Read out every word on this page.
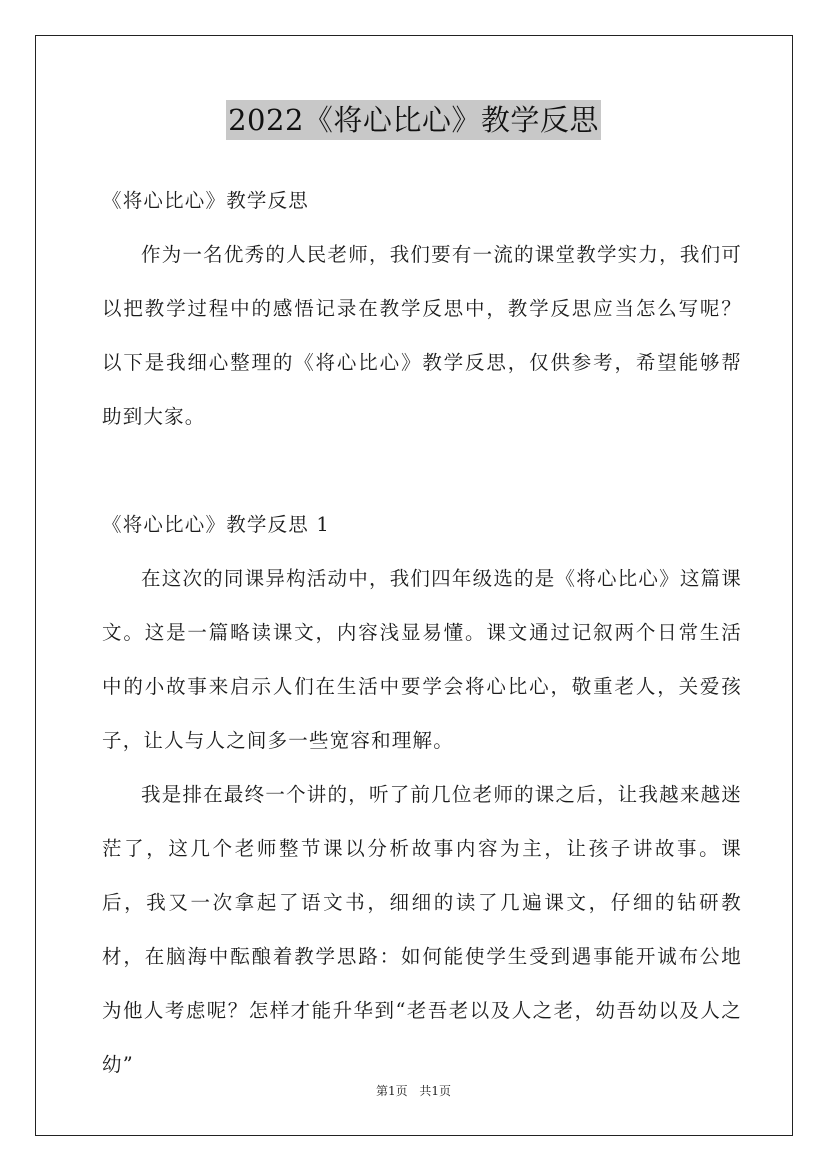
2022《将心比心》教学反思

《将心比心》教学反思

作为一名优秀的人民老师，我们要有一流的课堂教学实力，我们可以把教学过程中的感悟记录在教学反思中，教学反思应当怎么写呢？以下是我细心整理的《将心比心》教学反思，仅供参考，希望能够帮助到大家。

《将心比心》教学反思 1

在这次的同课异构活动中，我们四年级选的是《将心比心》这篇课文。这是一篇略读课文，内容浅显易懂。课文通过记叙两个日常生活中的小故事来启示人们在生活中要学会将心比心，敬重老人，关爱孩子，让人与人之间多一些宽容和理解。

我是排在最终一个讲的，听了前几位老师的课之后，让我越来越迷茫了，这几个老师整节课以分析故事内容为主，让孩子讲故事。课后，我又一次拿起了语文书，细细的读了几遍课文，仔细的钻研教材，在脑海中酝酿着教学思路：如何能使学生受到遇事能开诚布公地为他人考虑呢？怎样才能升华到“老吾老以及人之老，幼吾幼以及人之幼”

第1页 共1页
